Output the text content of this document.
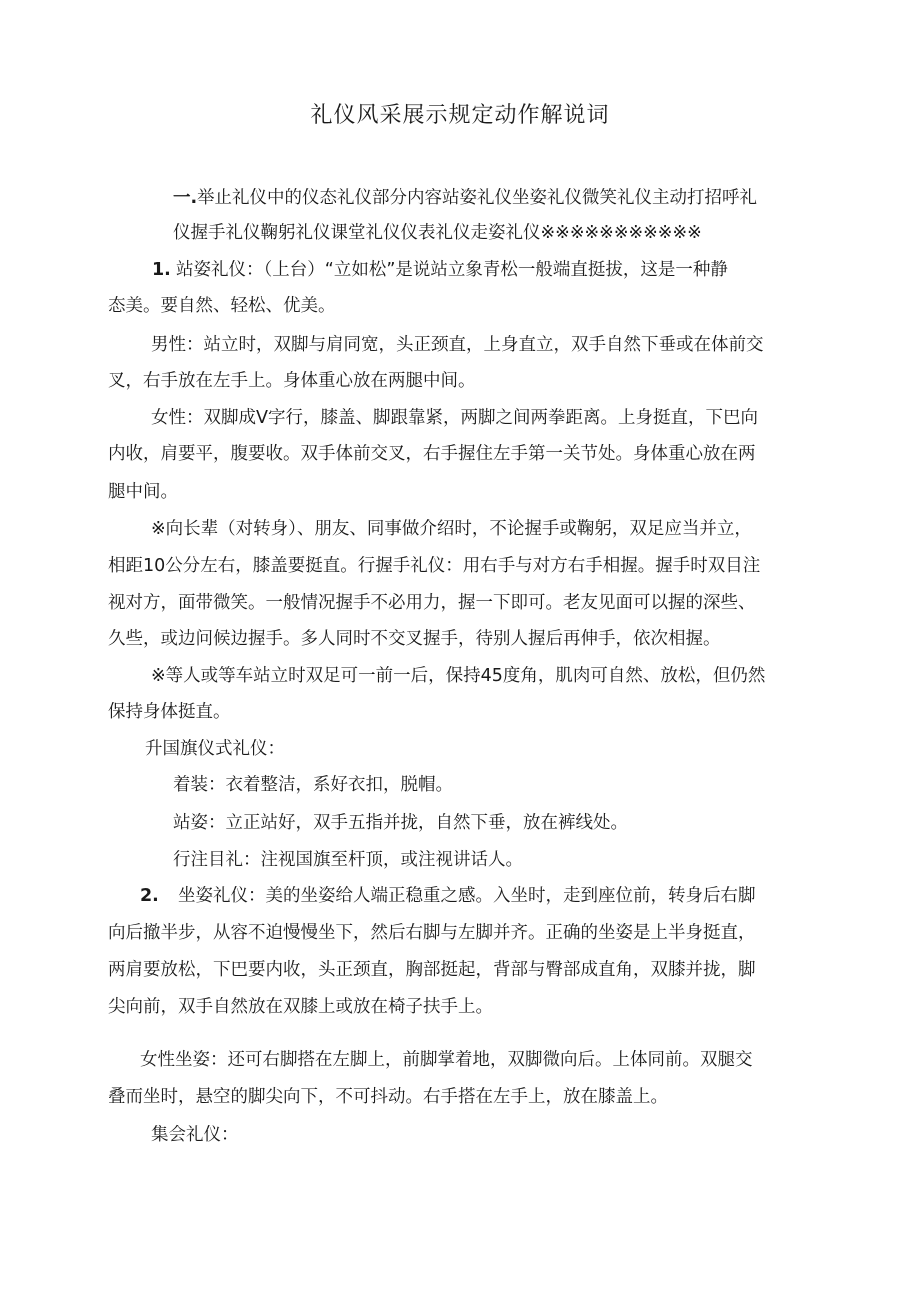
礼仪风采展示规定动作解说词
一. 举止礼仪中的仪态礼仪部分内容站姿礼仪坐姿礼仪微笑礼仪主动打招呼礼
仪握手礼仪鞠躬礼仪课堂礼仪仪表礼仪走姿礼仪※※※※※※※※※※※
1. 站姿礼仪：（上台）“立如松”是说站立象青松一般端直挺拔，这是一种静
态美。要自然、轻松、优美。
男性：站立时，双脚与肩同宽，头正颈直，上身直立，双手自然下垂或在体前交
叉，右手放在左手上。身体重心放在两腿中间。
女性：双脚成V字行，膝盖、脚跟靠紧，两脚之间两拳距离。上身挺直，下巴向
内收，肩要平，腹要收。双手体前交叉，右手握住左手第一关节处。身体重心放在两
腿中间。
※向长辈（对转身）、朋友、同事做介绍时，不论握手或鞠躬，双足应当并立，
相距10公分左右，膝盖要挺直。行握手礼仪：用右手与对方右手相握。握手时双目注
视对方，面带微笑。一般情况握手不必用力，握一下即可。老友见面可以握的深些、
久些，或边问候边握手。多人同时不交叉握手，待别人握后再伸手，依次相握。
※等人或等车站立时双足可一前一后，保持45度角，肌肉可自然、放松，但仍然
保持身体挺直。
升国旗仪式礼仪：
着装：衣着整洁，系好衣扣，脱帽。
站姿：立正站好，双手五指并拢，自然下垂，放在裤线处。
行注目礼：注视国旗至杆顶，或注视讲话人。
2. 坐姿礼仪：美的坐姿给人端正稳重之感。入坐时，走到座位前，转身后右脚
向后撤半步，从容不迫慢慢坐下，然后右脚与左脚并齐。正确的坐姿是上半身挺直，
两肩要放松，下巴要内收，头正颈直，胸部挺起，背部与臀部成直角，双膝并拢，脚
尖向前，双手自然放在双膝上或放在椅子扶手上。
女性坐姿：还可右脚搭在左脚上，前脚掌着地，双脚微向后。上体同前。双腿交
叠而坐时，悬空的脚尖向下，不可抖动。右手搭在左手上，放在膝盖上。
集会礼仪：
